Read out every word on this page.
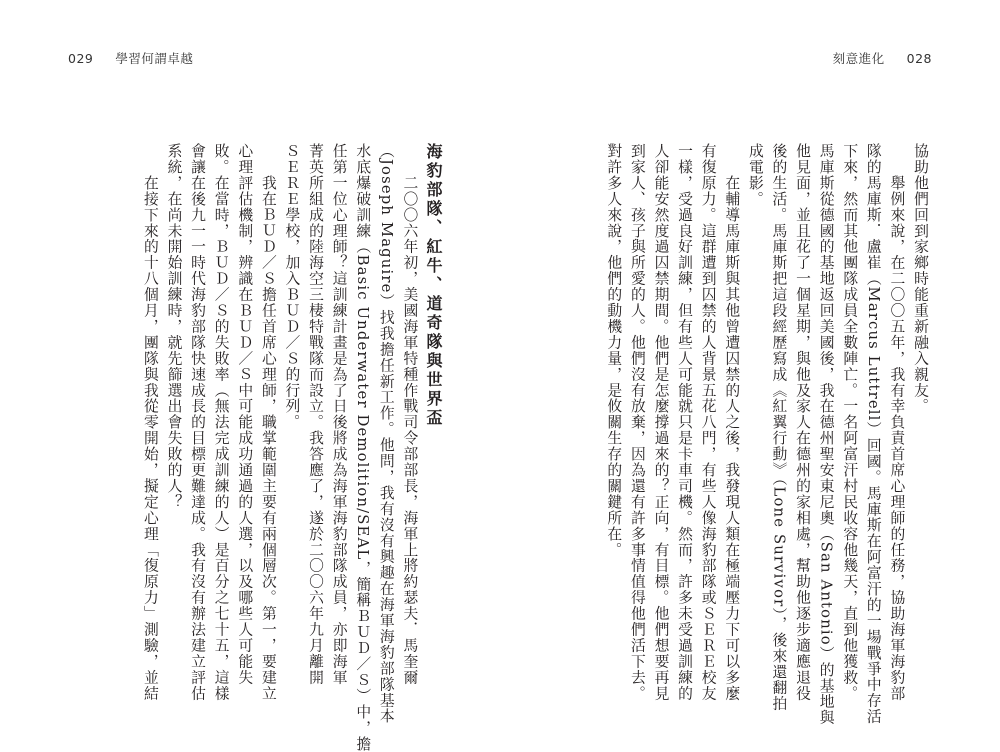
029 學習何謂卓越	刻意進化 028

協助他們回到家鄉時能重新融入親友。

　　舉例來說，在二〇〇五年，我有幸負責首席心理師的任務，協助海軍海豹部

隊的馬庫斯．盧崔（Marcus Luttrell）回國。馬庫斯在阿富汗的一場戰爭中存活

下來，然而其他團隊成員全數陣亡。一名阿富汗村民收容他幾天，直到他獲救。

馬庫斯從德國的基地返回美國後，我在德州聖安東尼奧（San Antonio）的基地與

他見面，並且花了一個星期，與他及家人在德州的家相處，幫助他逐步適應退役

後的生活。馬庫斯把這段經歷寫成《紅翼行動》（Lone Survivor），後來還翻拍

成電影。

　　在輔導馬庫斯與其他曾遭囚禁的人之後，我發現人類在極端壓力下可以多麼

有復原力。這群遭到囚禁的人背景五花八門，有些人像海豹部隊或ＳＥＲＥ校友

一樣，受過良好訓練，但有些人可能就只是卡車司機。然而，許多未受過訓練的

人卻能安然度過囚禁期間。他們是怎麼撐過來的？正向，有目標。他們想要再見

到家人、孩子與所愛的人。他們沒有放棄，因為還有許多事情值得他們活下去。

對許多人來說，他們的動機力量，是攸關生存的關鍵所在。

海豹部隊、紅牛、道奇隊與世界盃

　　二〇〇六年初，美國海軍特種作戰司令部部長，海軍上將約瑟夫．馬奎爾

（Joseph Maguire）找我擔任新工作。他問，我有沒有興趣在海軍海豹部隊基本

水底爆破訓練（Basic Underwater Demolition/SEAL，簡稱ＢＵＤ／Ｓ）中，擔

任第一位心理師？這訓練計畫是為了日後將成為海軍海豹部隊成員，亦即海軍

菁英所組成的陸海空三棲特戰隊而設立。我答應了，遂於二〇〇六年九月離開

ＳＥＲＥ學校，加入ＢＵＤ／Ｓ的行列。

　　我在ＢＵＤ／Ｓ擔任首席心理師，職掌範圍主要有兩個層次。第一，要建立

心理評估機制，辨識在ＢＵＤ／Ｓ中可能成功通過的人選，以及哪些人可能失

敗。在當時，ＢＵＤ／Ｓ的失敗率（無法完成訓練的人）是百分之七十五，這樣

會讓在後九一一時代海豹部隊快速成長的目標更難達成。我有沒有辦法建立評估

系統，在尚未開始訓練時，就先篩選出會失敗的人？

　　在接下來的十八個月，團隊與我從零開始，擬定心理「復原力」測驗，並結
